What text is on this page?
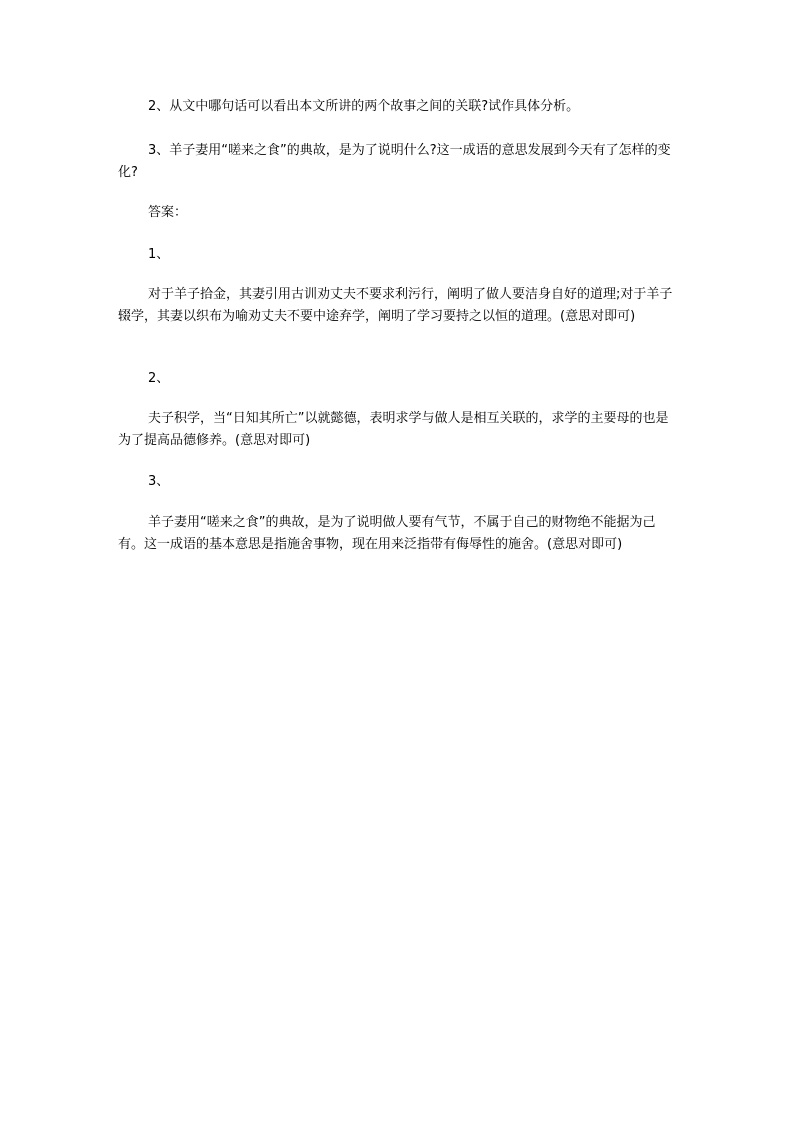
2、从文中哪句话可以看出本文所讲的两个故事之间的关联?试作具体分析。

3、羊子妻用“嗟来之食”的典故，是为了说明什么?这一成语的意思发展到今天有了怎样的变化?

答案：

1、

对于羊子拾金，其妻引用古训劝丈夫不要求利污行，阐明了做人要洁身自好的道理;对于羊子辍学，其妻以织布为喻劝丈夫不要中途弃学，阐明了学习要持之以恒的道理。(意思对即可)

2、

夫子积学，当“日知其所亡”以就懿德，表明求学与做人是相互关联的，求学的主要母的也是为了提高品德修养。(意思对即可)

3、

羊子妻用“嗟来之食”的典故，是为了说明做人要有气节，不属于自己的财物绝不能据为己有。这一成语的基本意思是指施舍事物，现在用来泛指带有侮辱性的施舍。(意思对即可)
